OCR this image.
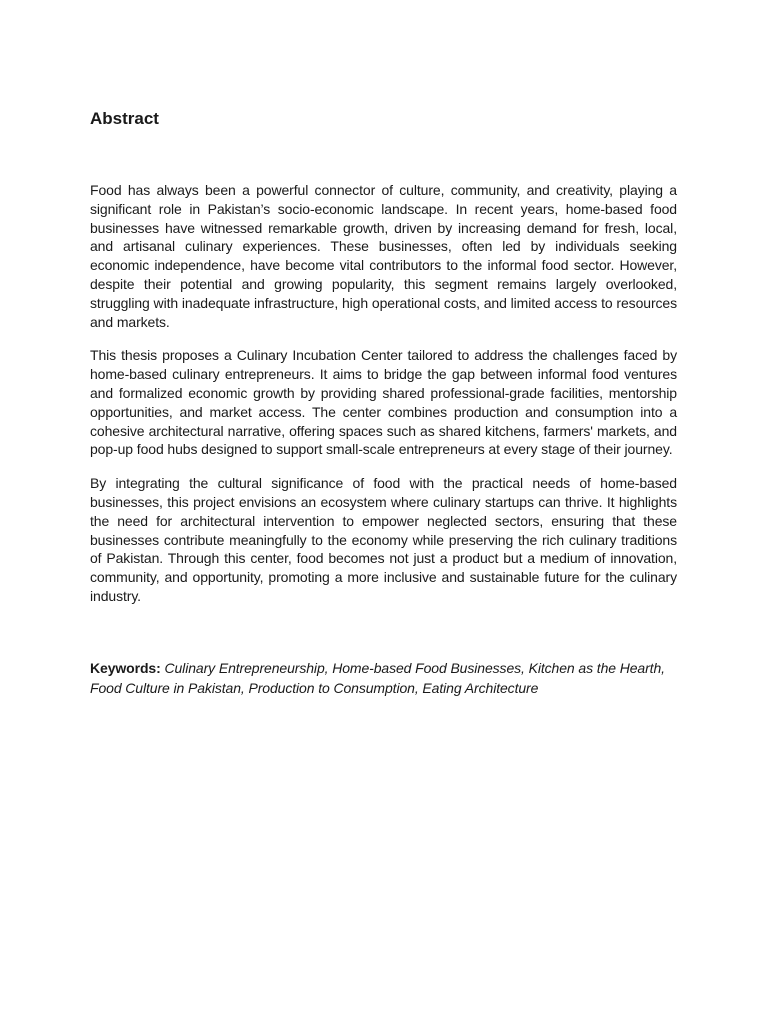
Abstract

Food has always been a powerful connector of culture, community, and creativity, playing a significant role in Pakistan’s socio-economic landscape. In recent years, home-based food businesses have witnessed remarkable growth, driven by increasing demand for fresh, local, and artisanal culinary experiences. These businesses, often led by individuals seeking economic independence, have become vital contributors to the informal food sector. However, despite their potential and growing popularity, this segment remains largely overlooked, struggling with inadequate infrastructure, high operational costs, and limited access to resources and markets.

This thesis proposes a Culinary Incubation Center tailored to address the challenges faced by home-based culinary entrepreneurs. It aims to bridge the gap between informal food ventures and formalized economic growth by providing shared professional-grade facilities, mentorship opportunities, and market access. The center combines production and consumption into a cohesive architectural narrative, offering spaces such as shared kitchens, farmers' markets, and pop-up food hubs designed to support small-scale entrepreneurs at every stage of their journey.

By integrating the cultural significance of food with the practical needs of home-based businesses, this project envisions an ecosystem where culinary startups can thrive. It highlights the need for architectural intervention to empower neglected sectors, ensuring that these businesses contribute meaningfully to the economy while preserving the rich culinary traditions of Pakistan. Through this center, food becomes not just a product but a medium of innovation, community, and opportunity, promoting a more inclusive and sustainable future for the culinary industry.

Keywords: Culinary Entrepreneurship, Home-based Food Businesses, Kitchen as the Hearth, Food Culture in Pakistan, Production to Consumption, Eating Architecture
